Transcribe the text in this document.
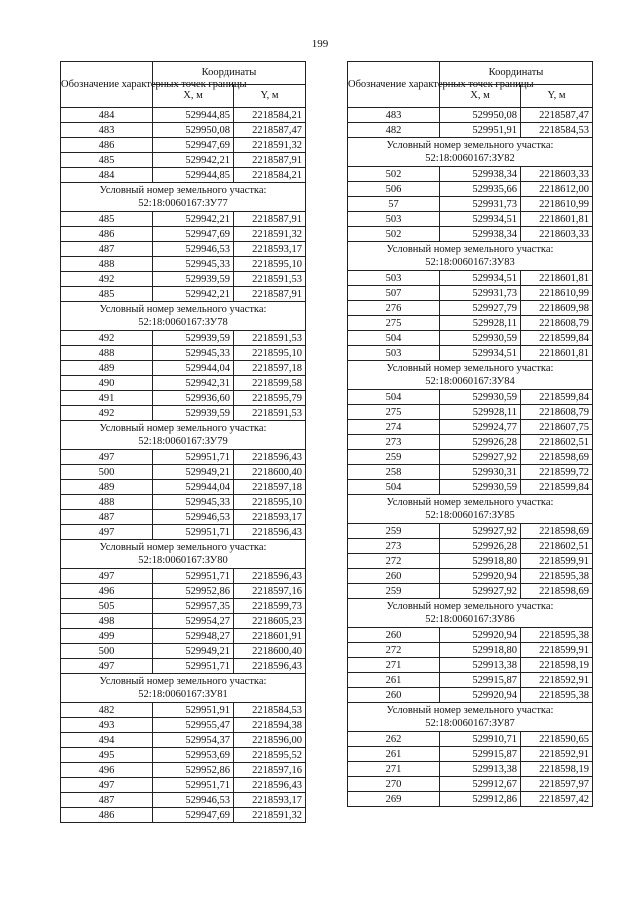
199
Обозначение характерных точек границы	Координаты	
	X, м	Y, м
484	529944,85	2218584,21
483	529950,08	2218587,47
486	529947,69	2218591,32
485	529942,21	2218587,91
484	529944,85	2218584,21

Условный номер земельного участка:
52:18:0060167:ЗУ77		

485	529942,21	2218587,91
486	529947,69	2218591,32
487	529946,53	2218593,17
488	529945,33	2218595,10
492	529939,59	2218591,53
485	529942,21	2218587,91

Условный номер земельного участка:
52:18:0060167:ЗУ78		

492	529939,59	2218591,53
488	529945,33	2218595,10
489	529944,04	2218597,18
490	529942,31	2218599,58
491	529936,60	2218595,79
492	529939,59	2218591,53

Условный номер земельного участка:
52:18:0060167:ЗУ79		

497	529951,71	2218596,43
500	529949,21	2218600,40
489	529944,04	2218597,18
488	529945,33	2218595,10
487	529946,53	2218593,17
497	529951,71	2218596,43

Условный номер земельного участка:
52:18:0060167:ЗУ80		

497	529951,71	2218596,43
496	529952,86	2218597,16
505	529957,35	2218599,73
498	529954,27	2218605,23
499	529948,27	2218601,91
500	529949,21	2218600,40
497	529951,71	2218596,43

Условный номер земельного участка:
52:18:0060167:ЗУ81		

482	529951,91	2218584,53
493	529955,47	2218594,38
494	529954,37	2218596,00
495	529953,69	2218595,52
496	529952,86	2218597,16
497	529951,71	2218596,43
487	529946,53	2218593,17
486	529947,69	2218591,32
Обозначение характерных точек границы	Координаты	
	X, м	Y, м
483	529950,08	2218587,47
482	529951,91	2218584,53

Условный номер земельного участка:
52:18:0060167:ЗУ82		

502	529938,34	2218603,33
506	529935,66	2218612,00
57	529931,73	2218610,99
503	529934,51	2218601,81
502	529938,34	2218603,33

Условный номер земельного участка:
52:18:0060167:ЗУ83		

503	529934,51	2218601,81
507	529931,73	2218610,99
276	529927,79	2218609,98
275	529928,11	2218608,79
504	529930,59	2218599,84
503	529934,51	2218601,81

Условный номер земельного участка:
52:18:0060167:ЗУ84		

504	529930,59	2218599,84
275	529928,11	2218608,79
274	529924,77	2218607,75
273	529926,28	2218602,51
259	529927,92	2218598,69
258	529930,31	2218599,72
504	529930,59	2218599,84

Условный номер земельного участка:
52:18:0060167:ЗУ85		

259	529927,92	2218598,69
273	529926,28	2218602,51
272	529918,80	2218599,91
260	529920,94	2218595,38
259	529927,92	2218598,69

Условный номер земельного участка:
52:18:0060167:ЗУ86		

260	529920,94	2218595,38
272	529918,80	2218599,91
271	529913,38	2218598,19
261	529915,87	2218592,91
260	529920,94	2218595,38

Условный номер земельного участка:
52:18:0060167:ЗУ87		

262	529910,71	2218590,65
261	529915,87	2218592,91
271	529913,38	2218598,19
270	529912,67	2218597,97
269	529912,86	2218597,42
